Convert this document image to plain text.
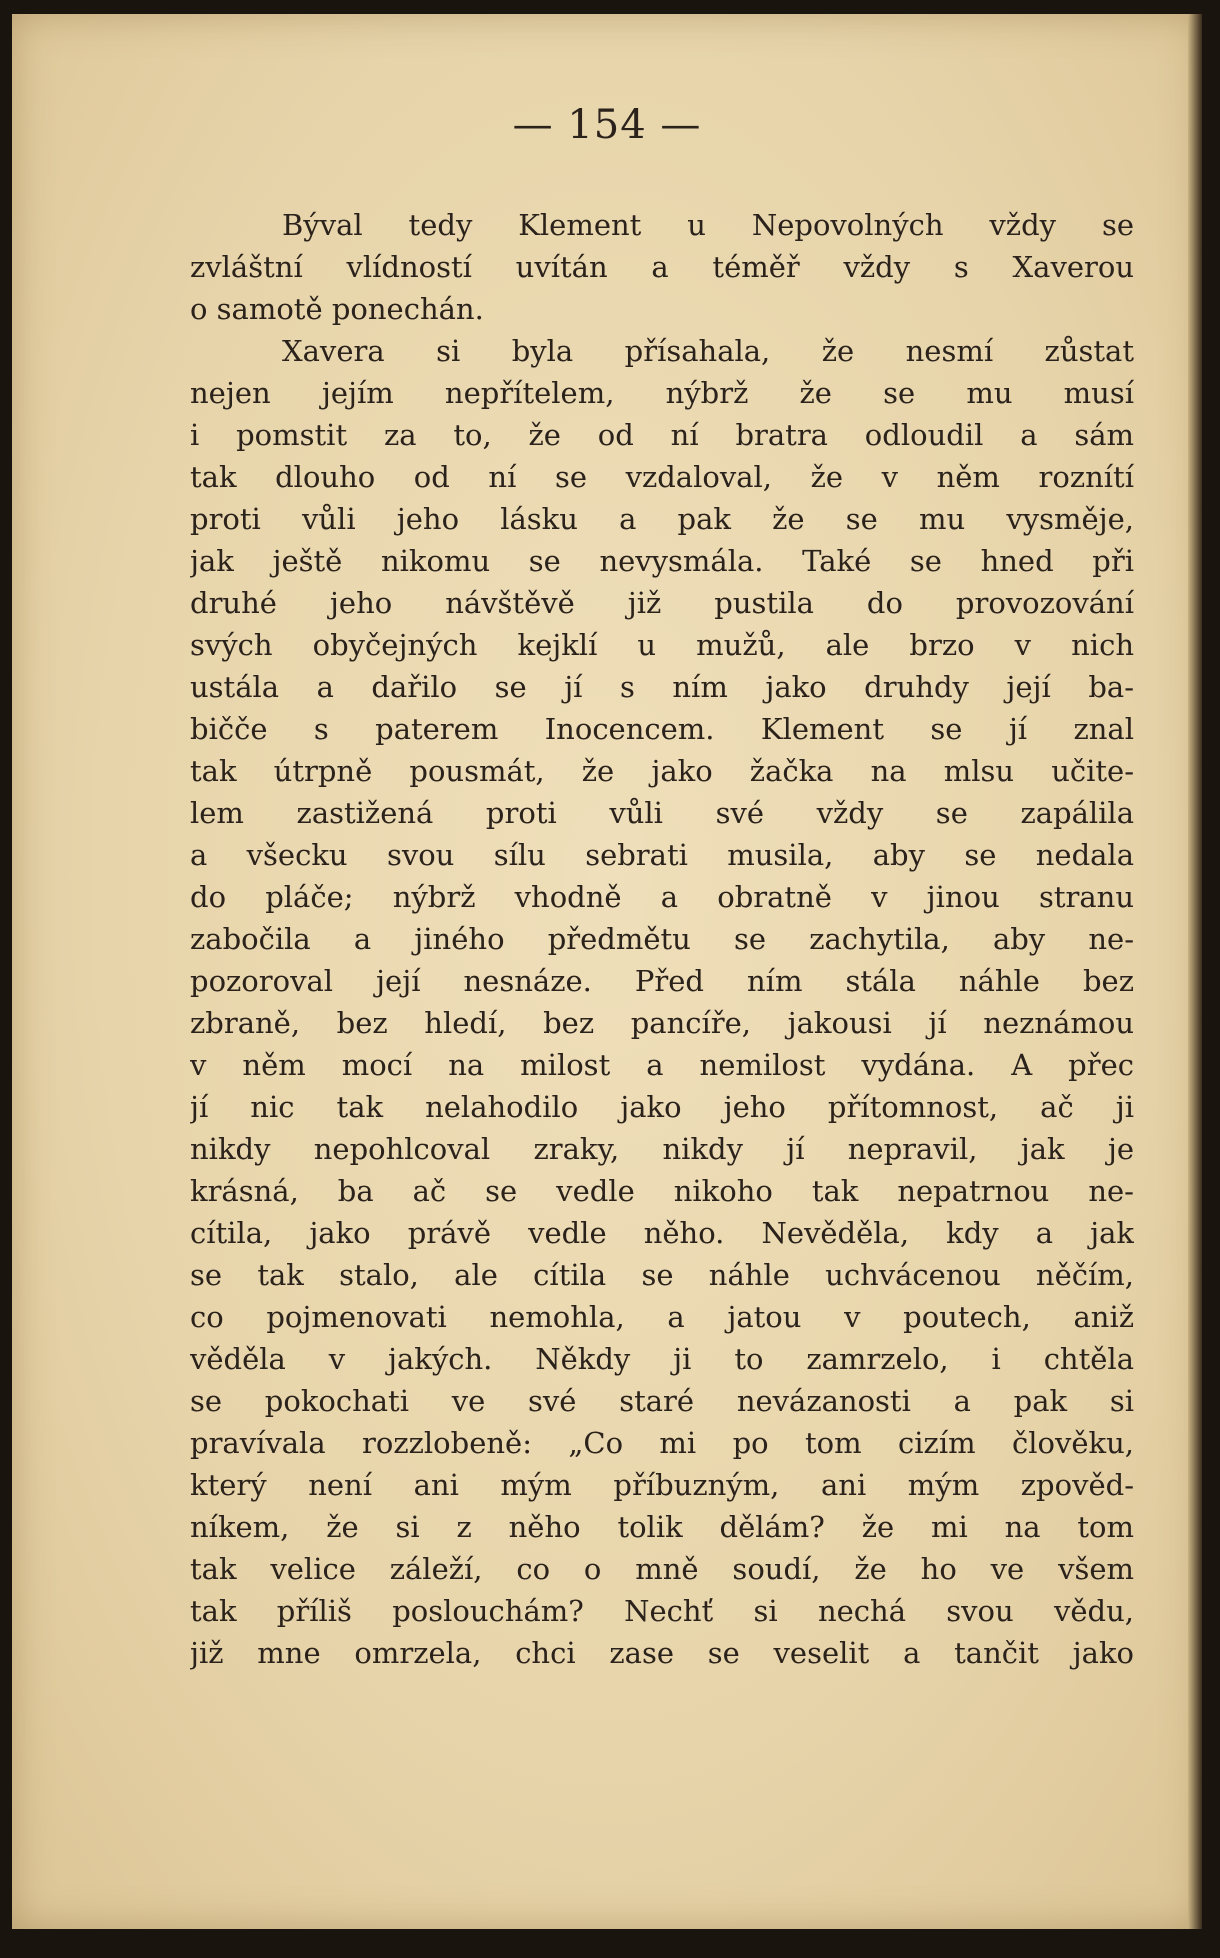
— 154 —
Býval tedy Klement u Nepovolných vždy se
zvláštní vlídností uvítán a téměř vždy s Xaverou
o samotě ponechán.
Xavera si byla přísahala, že nesmí zůstat
nejen jejím nepřítelem, nýbrž že se mu musí
i pomstit za to, že od ní bratra odloudil a sám
tak dlouho od ní se vzdaloval, že v něm roznítí
proti vůli jeho lásku a pak že se mu vysměje,
jak ještě nikomu se nevysmála. Také se hned při
druhé jeho návštěvě již pustila do provozování
svých obyčejných kejklí u mužů, ale brzo v nich
ustála a dařilo se jí s ním jako druhdy její ba-
bičče s paterem Inocencem. Klement se jí znal
tak útrpně pousmát, že jako žačka na mlsu učite-
lem zastižená proti vůli své vždy se zapálila
a všecku svou sílu sebrati musila, aby se nedala
do pláče; nýbrž vhodně a obratně v jinou stranu
zabočila a jiného předmětu se zachytila, aby ne-
pozoroval její nesnáze. Před ním stála náhle bez
zbraně, bez hledí, bez pancíře, jakousi jí neznámou
v něm mocí na milost a nemilost vydána. A přec
jí nic tak nelahodilo jako jeho přítomnost, ač ji
nikdy nepohlcoval zraky, nikdy jí nepravil, jak je
krásná, ba ač se vedle nikoho tak nepatrnou ne-
cítila, jako právě vedle něho. Nevěděla, kdy a jak
se tak stalo, ale cítila se náhle uchvácenou něčím,
co pojmenovati nemohla, a jatou v poutech, aniž
věděla v jakých. Někdy ji to zamrzelo, i chtěla
se pokochati ve své staré nevázanosti a pak si
pravívala rozzlobeně: „Co mi po tom cizím člověku,
který není ani mým příbuzným, ani mým zpověd-
níkem, že si z něho tolik dělám? že mi na tom
tak velice záleží, co o mně soudí, že ho ve všem
tak příliš poslouchám? Nechť si nechá svou vědu,
již mne omrzela, chci zase se veselit a tančit jako
